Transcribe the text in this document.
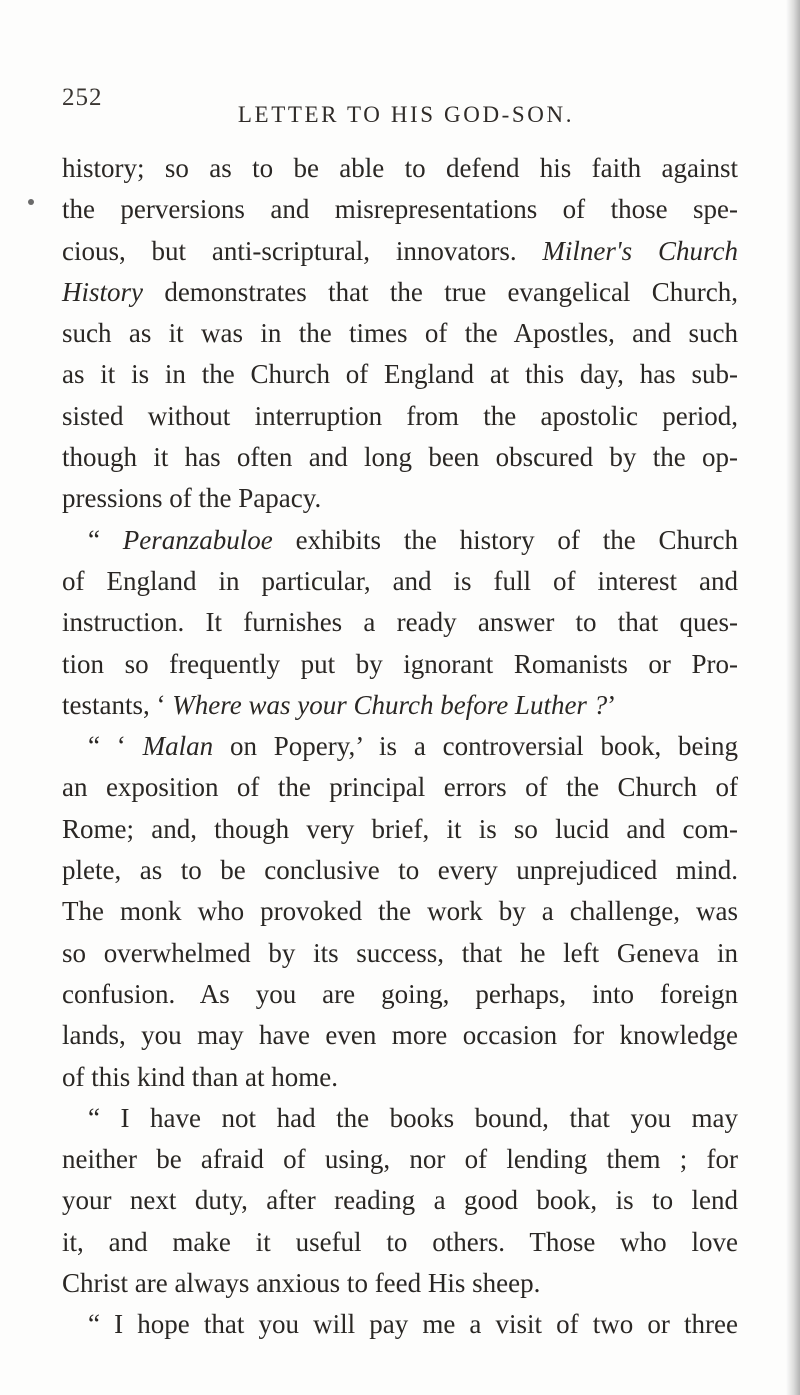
252
LETTER TO HIS GOD-SON.
history; so as to be able to defend his faith against
the perversions and misrepresentations of those spe-
cious, but anti-scriptural, innovators. Milner's Church
History demonstrates that the true evangelical Church,
such as it was in the times of the Apostles, and such
as it is in the Church of England at this day, has sub-
sisted without interruption from the apostolic period,
though it has often and long been obscured by the op-
pressions of the Papacy.
“ Peranzabuloe exhibits the history of the Church
of England in particular, and is full of interest and
instruction. It furnishes a ready answer to that ques-
tion so frequently put by ignorant Romanists or Pro-
testants, ‘ Where was your Church before Luther ?’
“ ‘ Malan on Popery,’ is a controversial book, being
an exposition of the principal errors of the Church of
Rome; and, though very brief, it is so lucid and com-
plete, as to be conclusive to every unprejudiced mind.
The monk who provoked the work by a challenge, was
so overwhelmed by its success, that he left Geneva in
confusion. As you are going, perhaps, into foreign
lands, you may have even more occasion for knowledge
of this kind than at home.
“ I have not had the books bound, that you may
neither be afraid of using, nor of lending them ; for
your next duty, after reading a good book, is to lend
it, and make it useful to others. Those who love
Christ are always anxious to feed His sheep.
“ I hope that you will pay me a visit of two or three
